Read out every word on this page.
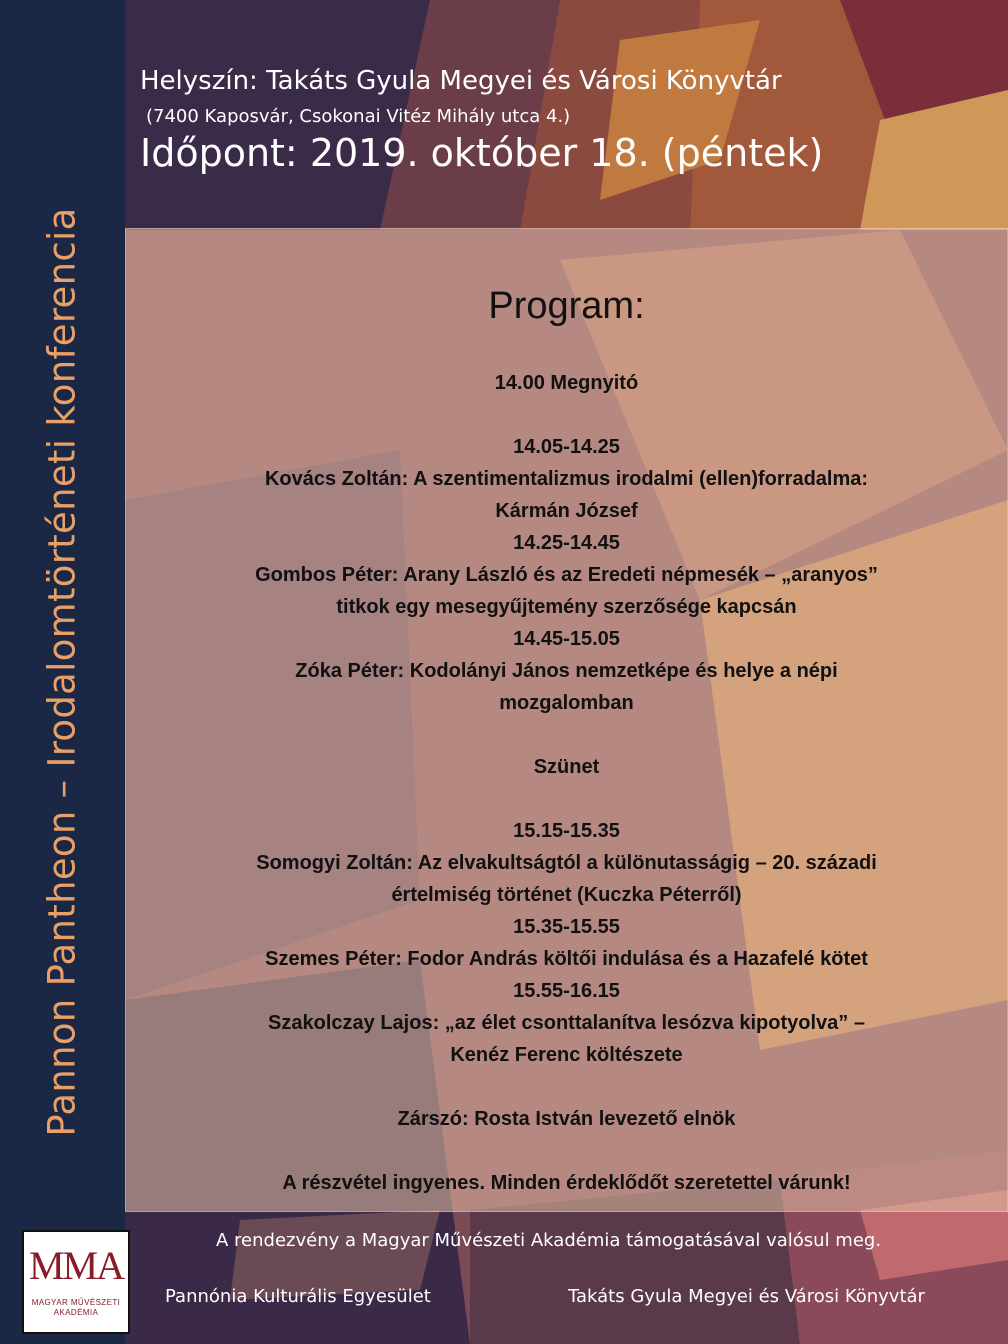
Pannon Pantheon – Irodalomtörténeti konferencia
Helyszín: Takáts Gyula Megyei és Városi Könyvtár
(7400 Kaposvár, Csokonai Vitéz Mihály utca 4.)
Időpont: 2019. október 18. (péntek)
Program:
14.00 Megnyitó
14.05-14.25
Kovács Zoltán: A szentimentalizmus irodalmi (ellen)forradalma:
Kármán József
14.25-14.45
Gombos Péter: Arany László és az Eredeti népmesék – „aranyos”
titkok egy mesegyűjtemény szerzősége kapcsán
14.45-15.05
Zóka Péter: Kodolányi János nemzetképe és helye a népi
mozgalomban
Szünet
15.15-15.35
Somogyi Zoltán: Az elvakultságtól a különutasságig – 20. századi
értelmiség történet (Kuczka Péterről)
15.35-15.55
Szemes Péter: Fodor András költői indulása és a Hazafelé kötet
15.55-16.15
Szakolczay Lajos: „az élet csonttalanítva lesózva kipotyolva” –
Kenéz Ferenc költészete
Zárszó: Rosta István levezető elnök
A részvétel ingyenes. Minden érdeklődőt szeretettel várunk!
MMA
MAGYAR MŰVÉSZETI
AKADÉMIA
A rendezvény a Magyar Művészeti Akadémia támogatásával valósul meg.
Pannónia Kulturális Egyesület	Takáts Gyula Megyei és Városi Könyvtár
